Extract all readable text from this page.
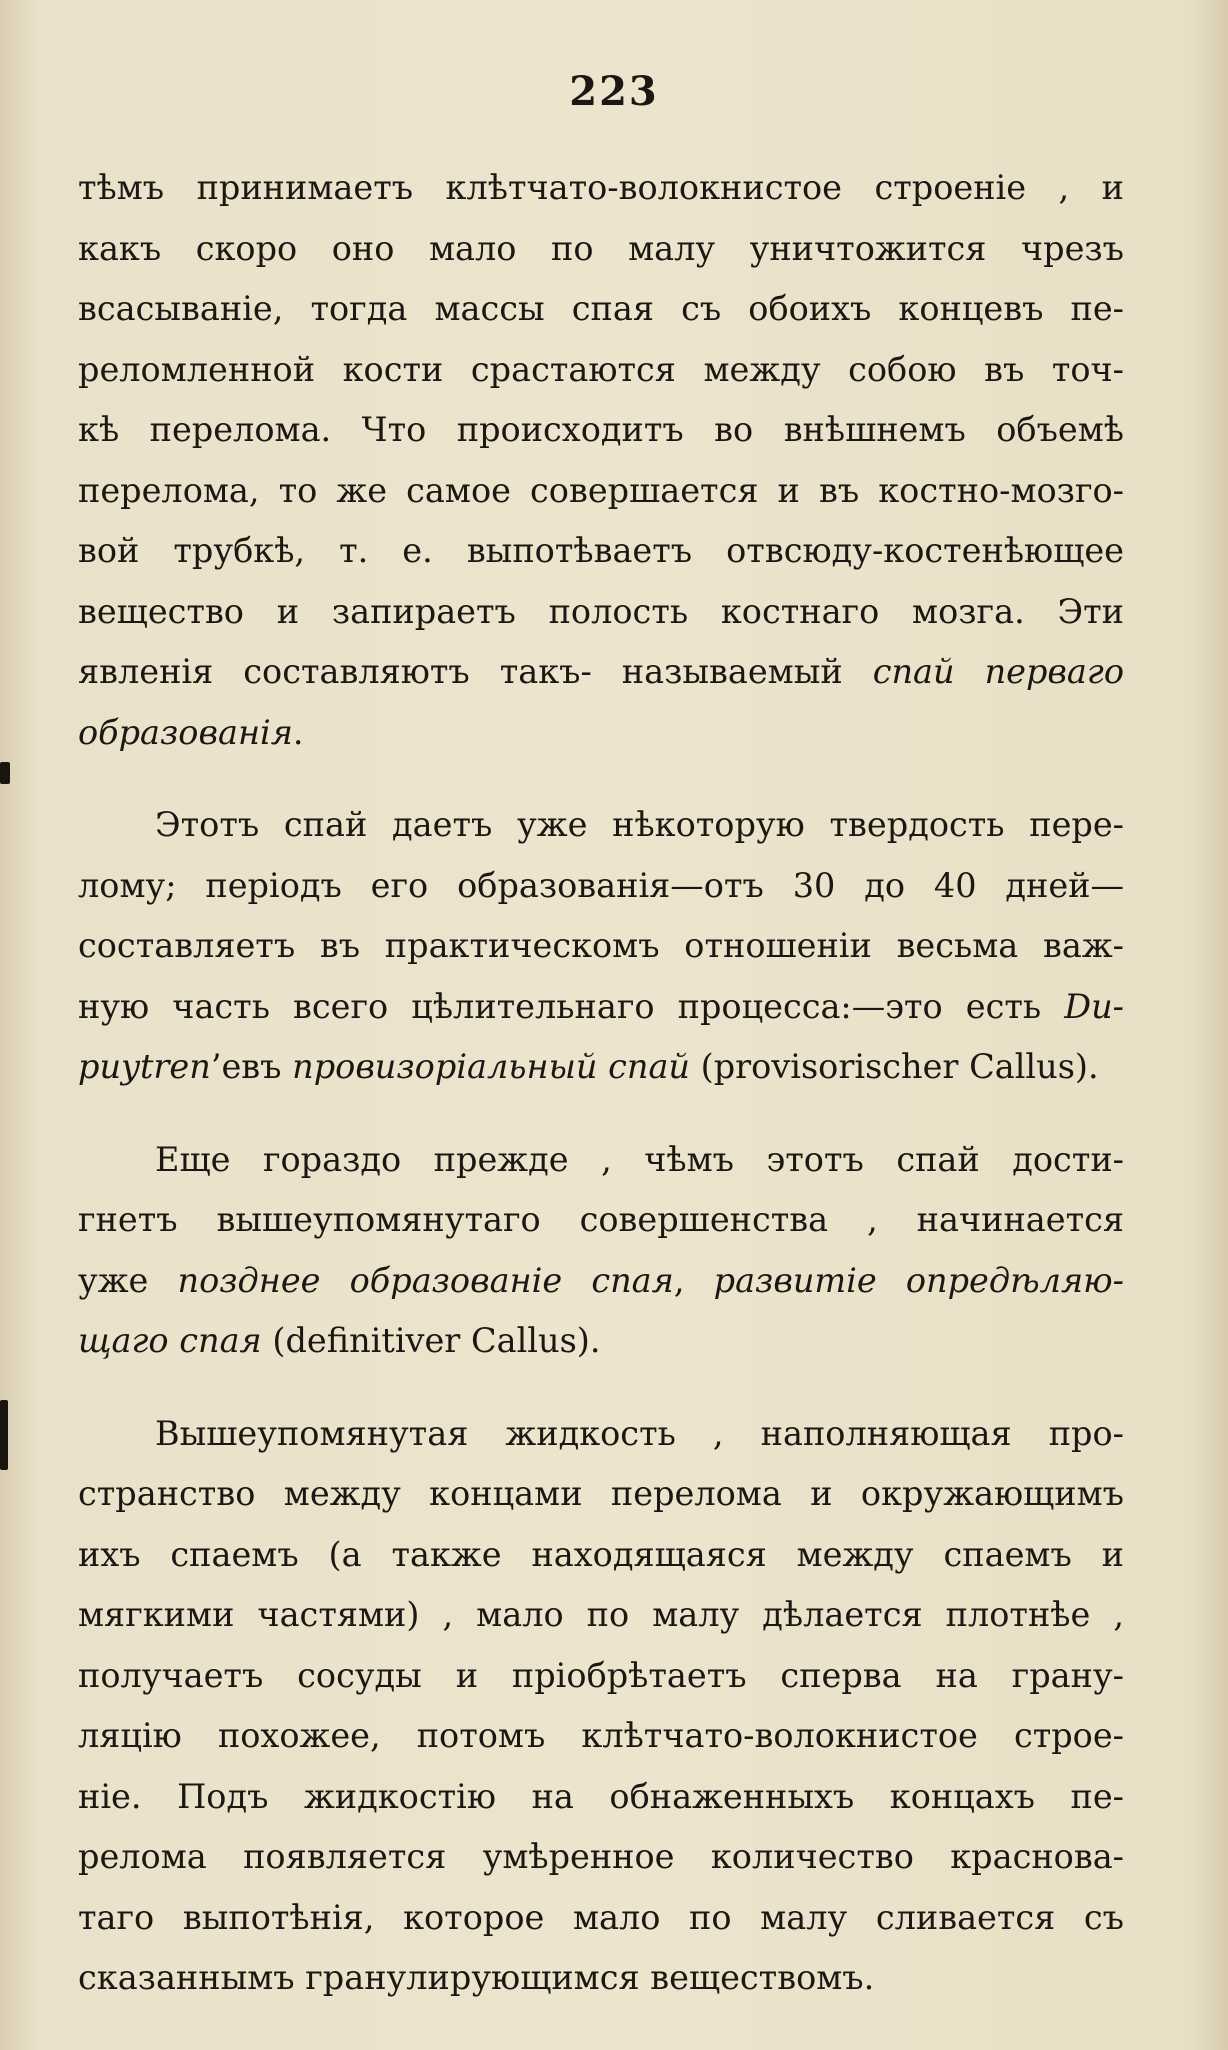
223
тѣмъ принимаетъ клѣтчато-волокнистое строеніе , и
какъ скоро оно мало по малу уничтожится чрезъ
всасываніе, тогда массы спая съ обоихъ концевъ пе-
реломленной кости срастаются между собою въ точ-
кѣ перелома. Что происходитъ во внѣшнемъ объемѣ
перелома, то же самое совершается и въ костно-мозго-
вой трубкѣ, т. е. выпотѣваетъ отвсюду-костенѣющее
вещество и запираетъ полость костнаго мозга. Эти
явленія составляютъ такъ- называемый спай перваго
образованія.
Этотъ спай даетъ уже нѣкоторую твердость пере-
лому; періодъ его образованія—отъ 30 до 40 дней—
составляетъ въ практическомъ отношеніи весьма важ-
ную часть всего цѣлительнаго процесса:—это есть Du-
puytren’евъ провизоріальный спай (provisorischer Callus).
Еще гораздо прежде , чѣмъ этотъ спай дости-
гнетъ вышеупомянутаго совершенства , начинается
уже позднее образованіе спая, развитіе опредѣляю-
щаго спая (definitiver Callus).
Вышеупомянутая жидкость , наполняющая про-
странство между концами перелома и окружающимъ
ихъ спаемъ (а также находящаяся между спаемъ и
мягкими частями) , мало по малу дѣлается плотнѣе ,
получаетъ сосуды и пріобрѣтаетъ сперва на грану-
ляцію похожее, потомъ клѣтчато-волокнистое строе-
ніе. Подъ жидкостію на обнаженныхъ концахъ пе-
релома появляется умѣренное количество краснова-
таго выпотѣнія, которое мало по малу сливается съ
сказаннымъ гранулирующимся веществомъ.
